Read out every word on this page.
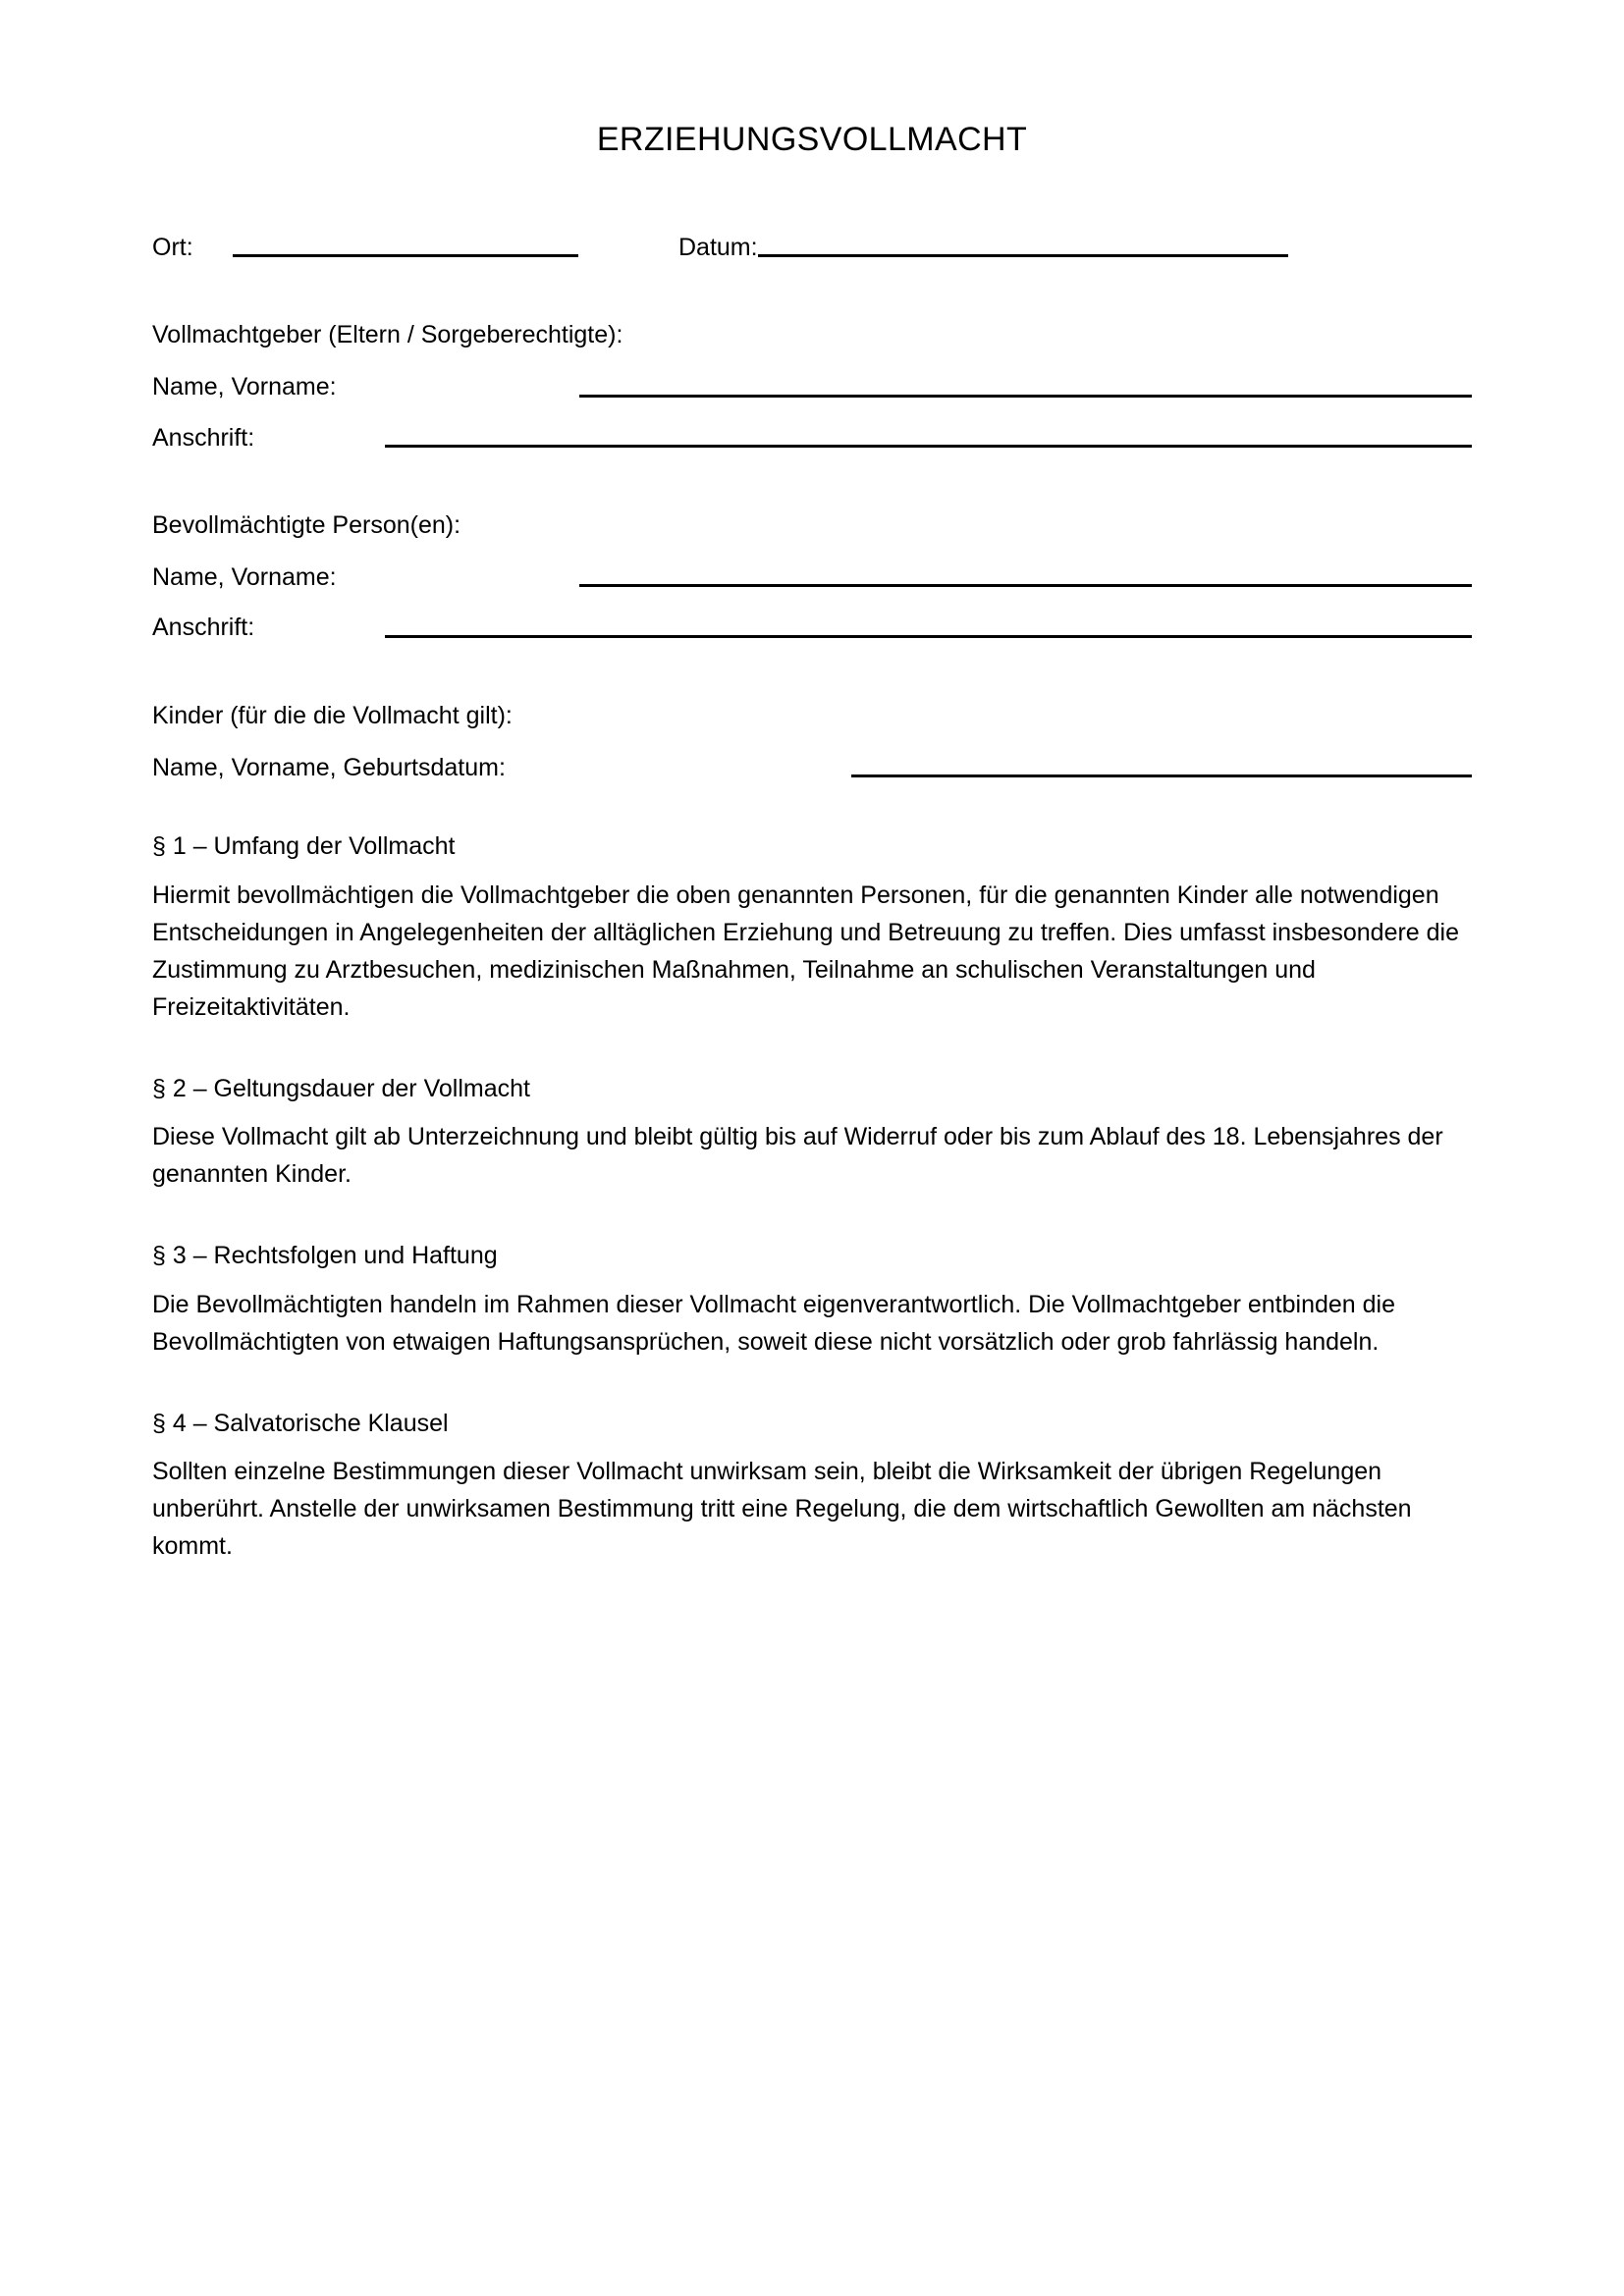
ERZIEHUNGSVOLLMACHT
Ort:	Datum:
Vollmachtgeber (Eltern / Sorgeberechtigte):
Name, Vorname:
Anschrift:
Bevollmächtigte Person(en):
Name, Vorname:
Anschrift:
Kinder (für die die Vollmacht gilt):
Name, Vorname, Geburtsdatum:
§ 1 – Umfang der Vollmacht

Hiermit bevollmächtigen die Vollmachtgeber die oben genannten Personen, für die genannten Kinder alle notwendigen Entscheidungen in Angelegenheiten der alltäglichen Erziehung und Betreuung zu treffen. Dies umfasst insbesondere die Zustimmung zu Arztbesuchen, medizinischen Maßnahmen, Teilnahme an schulischen Veranstaltungen und Freizeitaktivitäten.

§ 2 – Geltungsdauer der Vollmacht

Diese Vollmacht gilt ab Unterzeichnung und bleibt gültig bis auf Widerruf oder bis zum Ablauf des 18. Lebensjahres der genannten Kinder.

§ 3 – Rechtsfolgen und Haftung

Die Bevollmächtigten handeln im Rahmen dieser Vollmacht eigenverantwortlich. Die Vollmachtgeber entbinden die Bevollmächtigten von etwaigen Haftungsansprüchen, soweit diese nicht vorsätzlich oder grob fahrlässig handeln.

§ 4 – Salvatorische Klausel

Sollten einzelne Bestimmungen dieser Vollmacht unwirksam sein, bleibt die Wirksamkeit der übrigen Regelungen unberührt. Anstelle der unwirksamen Bestimmung tritt eine Regelung, die dem wirtschaftlich Gewollten am nächsten kommt.
